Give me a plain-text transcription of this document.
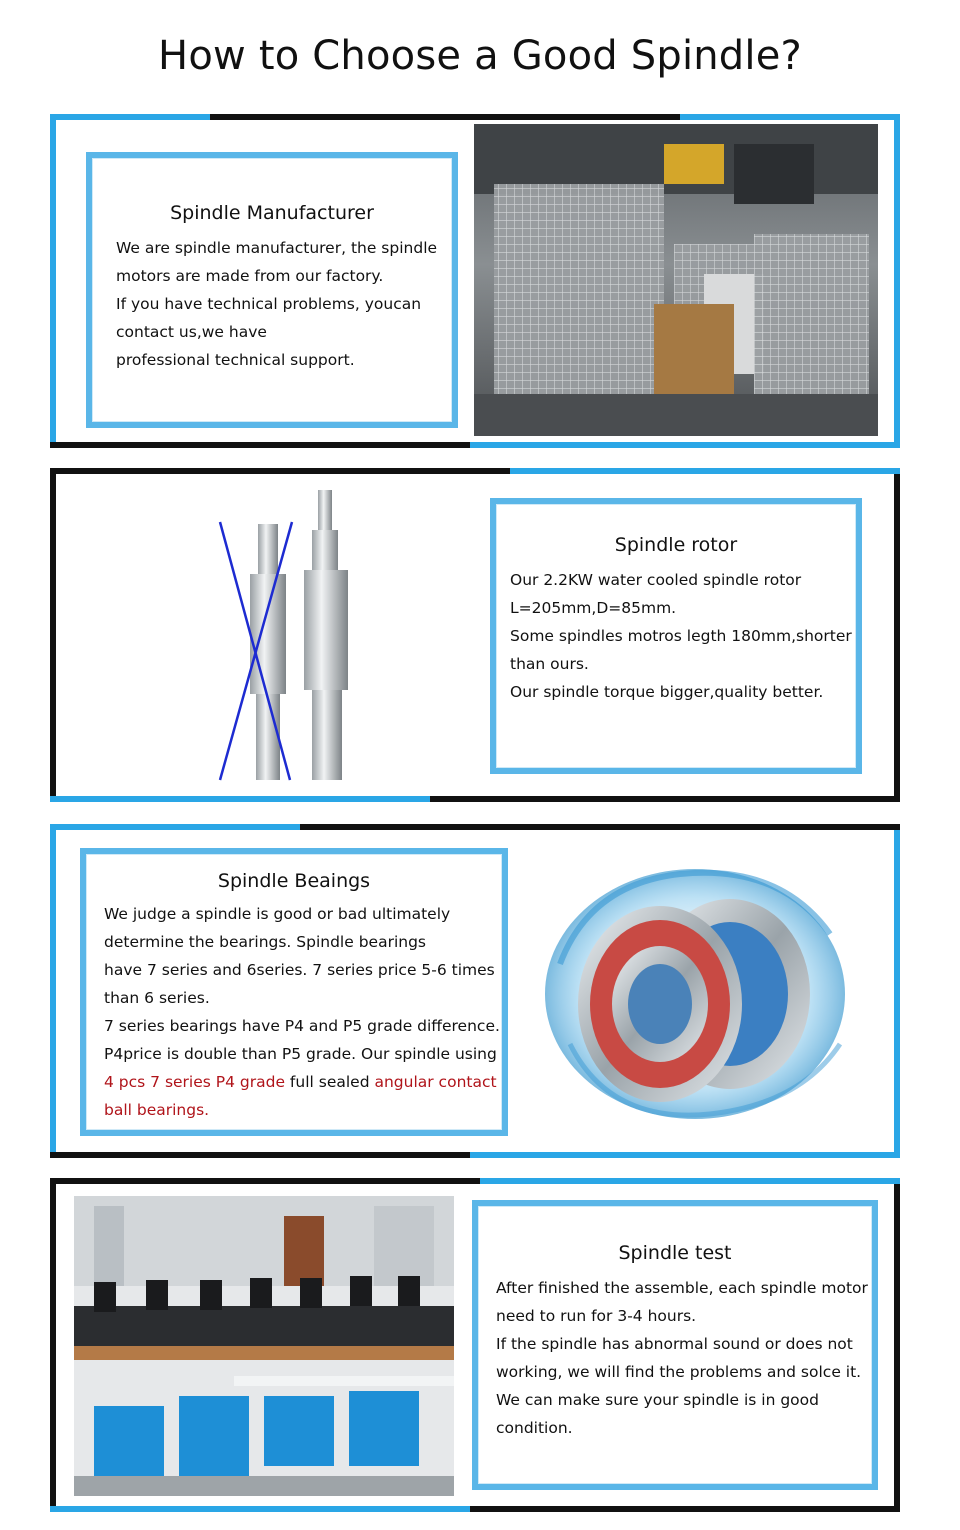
How to Choose a Good Spindle?
Spindle Manufacturer

We are spindle manufacturer, the spindle

motors are made from our factory.

If you have technical problems, youcan

contact us,we have

professional technical support.

Spindle rotor

Our 2.2KW water cooled spindle rotor

L=205mm,D=85mm.

Some spindles motros legth 180mm,shorter

than ours.

Our spindle torque bigger,quality better.

Spindle Beaings

We judge a spindle is good or bad ultimately

determine the bearings. Spindle bearings

have 7 series and 6series. 7 series price 5-6 times

than 6 series.

7 series bearings have P4 and P5 grade difference.

P4price is double than P5 grade. Our spindle using

4 pcs 7 series P4 grade full sealed angular contact

ball bearings.

Spindle test

After finished the assemble, each spindle motor

need to run for 3-4 hours.

If the spindle has abnormal sound or does not

working, we will find the problems and solce it.

We can make sure your spindle is in good

condition.
